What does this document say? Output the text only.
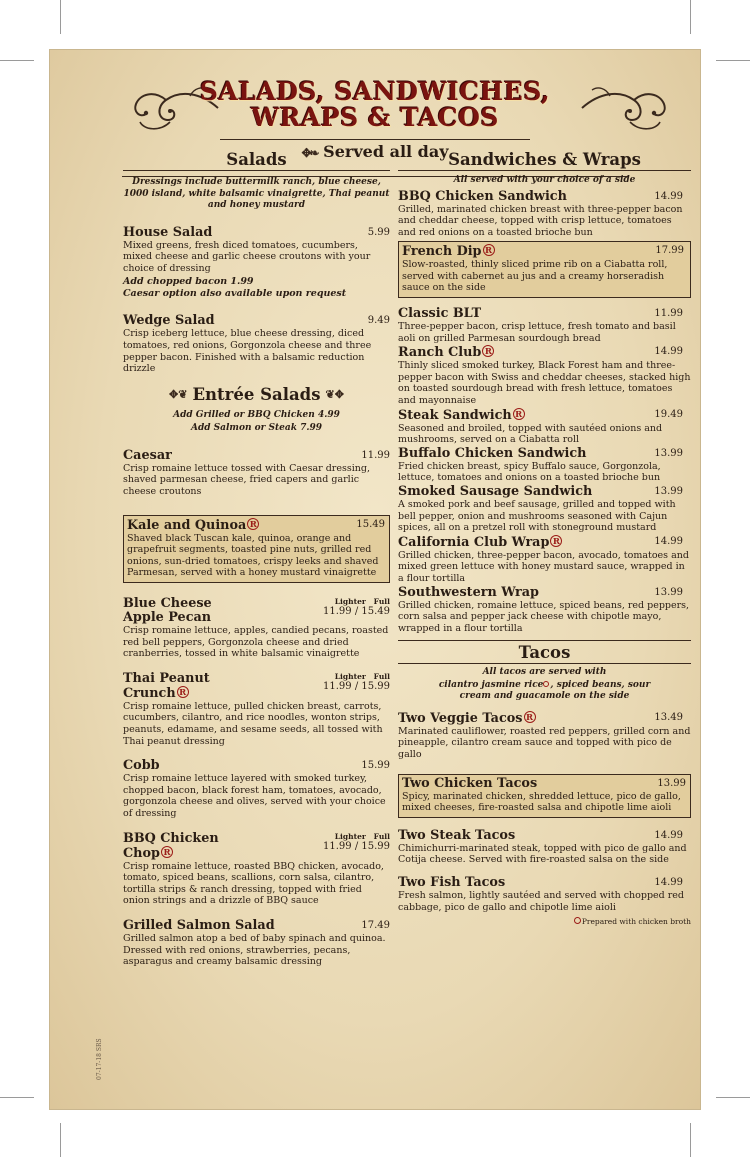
SALADS, SANDWICHES,
WRAPS & TACOS
✥❧ Served all day
Salads

Dressings include buttermilk ranch, blue cheese, 1000 island, white balsamic vinaigrette, Thai peanut and honey mustard

House Salad	5.99

Mixed greens, fresh diced tomatoes, cucumbers, mixed cheese and garlic cheese croutons with your choice of dressing

Add chopped bacon 1.99
Caesar option also available upon request
Wedge Salad	9.49

Crisp iceberg lettuce, blue cheese dressing, diced tomatoes, red onions, Gorgonzola cheese and three pepper bacon. Finished with a balsamic reduction drizzle

✥❦ Entrée Salads ❦✥
Add Grilled or BBQ Chicken 4.99
Add Salmon or Steak 7.99
Caesar	11.99

Crisp romaine lettuce tossed with Caesar dressing, shaved parmesan cheese, fried capers and garlic cheese croutons

Kale and Quinoa R	15.49

Shaved black Tuscan kale, quinoa, orange and grapefruit segments, toasted pine nuts, grilled red onions, sun-dried tomatoes, crispy leeks and shaved Parmesan, served with a honey mustard vinaigrette

Blue Cheese
Apple Pecan
Lighter Full
11.99 / 15.49

Crisp romaine lettuce, apples, candied pecans, roasted red bell peppers, Gorgonzola cheese and dried cranberries, tossed in white balsamic vinaigrette

Thai Peanut
Crunch R
Lighter Full
11.99 / 15.99

Crisp romaine lettuce, pulled chicken breast, carrots, cucumbers, cilantro, and rice noodles, wonton strips, peanuts, edamame, and sesame seeds, all tossed with Thai peanut dressing

Cobb	15.99

Crisp romaine lettuce layered with smoked turkey, chopped bacon, black forest ham, tomatoes, avocado, gorgonzola cheese and olives, served with your choice of dressing

BBQ Chicken
Chop R
Lighter Full
11.99 / 15.99

Crisp romaine lettuce, roasted BBQ chicken, avocado, tomato, spiced beans, scallions, corn salsa, cilantro, tortilla strips & ranch dressing, topped with fried onion strings and a drizzle of BBQ sauce

Grilled Salmon Salad	17.49

Grilled salmon atop a bed of baby spinach and quinoa. Dressed with red onions, strawberries, pecans, asparagus and creamy balsamic dressing

Sandwiches & Wraps

All served with your choice of a side

BBQ Chicken Sandwich	14.99

Grilled, marinated chicken breast with three-pepper bacon and cheddar cheese, topped with crisp lettuce, tomatoes and red onions on a toasted brioche bun

French Dip R	17.99

Slow-roasted, thinly sliced prime rib on a Ciabatta roll, served with cabernet au jus and a creamy horseradish sauce on the side

Classic BLT	11.99

Three-pepper bacon, crisp lettuce, fresh tomato and basil aoli on grilled Parmesan sourdough bread

Ranch Club R	14.99

Thinly sliced smoked turkey, Black Forest ham and three-pepper bacon with Swiss and cheddar cheeses, stacked high on toasted sourdough bread with fresh lettuce, tomatoes and mayonnaise

Steak Sandwich R	19.49

Seasoned and broiled, topped with sautéed onions and mushrooms, served on a Ciabatta roll

Buffalo Chicken Sandwich	13.99

Fried chicken breast, spicy Buffalo sauce, Gorgonzola, lettuce, tomatoes and onions on a toasted brioche bun

Smoked Sausage Sandwich	13.99

A smoked pork and beef sausage, grilled and topped with bell pepper, onion and mushrooms seasoned with Cajun spices, all on a pretzel roll with stoneground mustard

California Club Wrap R	14.99

Grilled chicken, three-pepper bacon, avocado, tomatoes and mixed green lettuce with honey mustard sauce, wrapped in a flour tortilla

Southwestern Wrap	13.99

Grilled chicken, romaine lettuce, spiced beans, red peppers, corn salsa and pepper jack cheese with chipotle mayo, wrapped in a flour tortilla

Tacos

All tacos are served with
cilantro jasmine rice , spiced beans, sour
cream and guacamole on the side

Two Veggie Tacos R	13.49

Marinated cauliflower, roasted red peppers, grilled corn and pineapple, cilantro cream sauce and topped with pico de gallo

Two Chicken Tacos	13.99

Spicy, marinated chicken, shredded lettuce, pico de gallo, mixed cheeses, fire-roasted salsa and chipotle lime aioli

Two Steak Tacos	14.99

Chimichurri-marinated steak, topped with pico de gallo and Cotija cheese. Served with fire-roasted salsa on the side

Two Fish Tacos	14.99

Fresh salmon, lightly sautéed and served with chopped red cabbage, pico de gallo and chipotle lime aioli

Prepared with chicken broth
07-17-18 SRS
